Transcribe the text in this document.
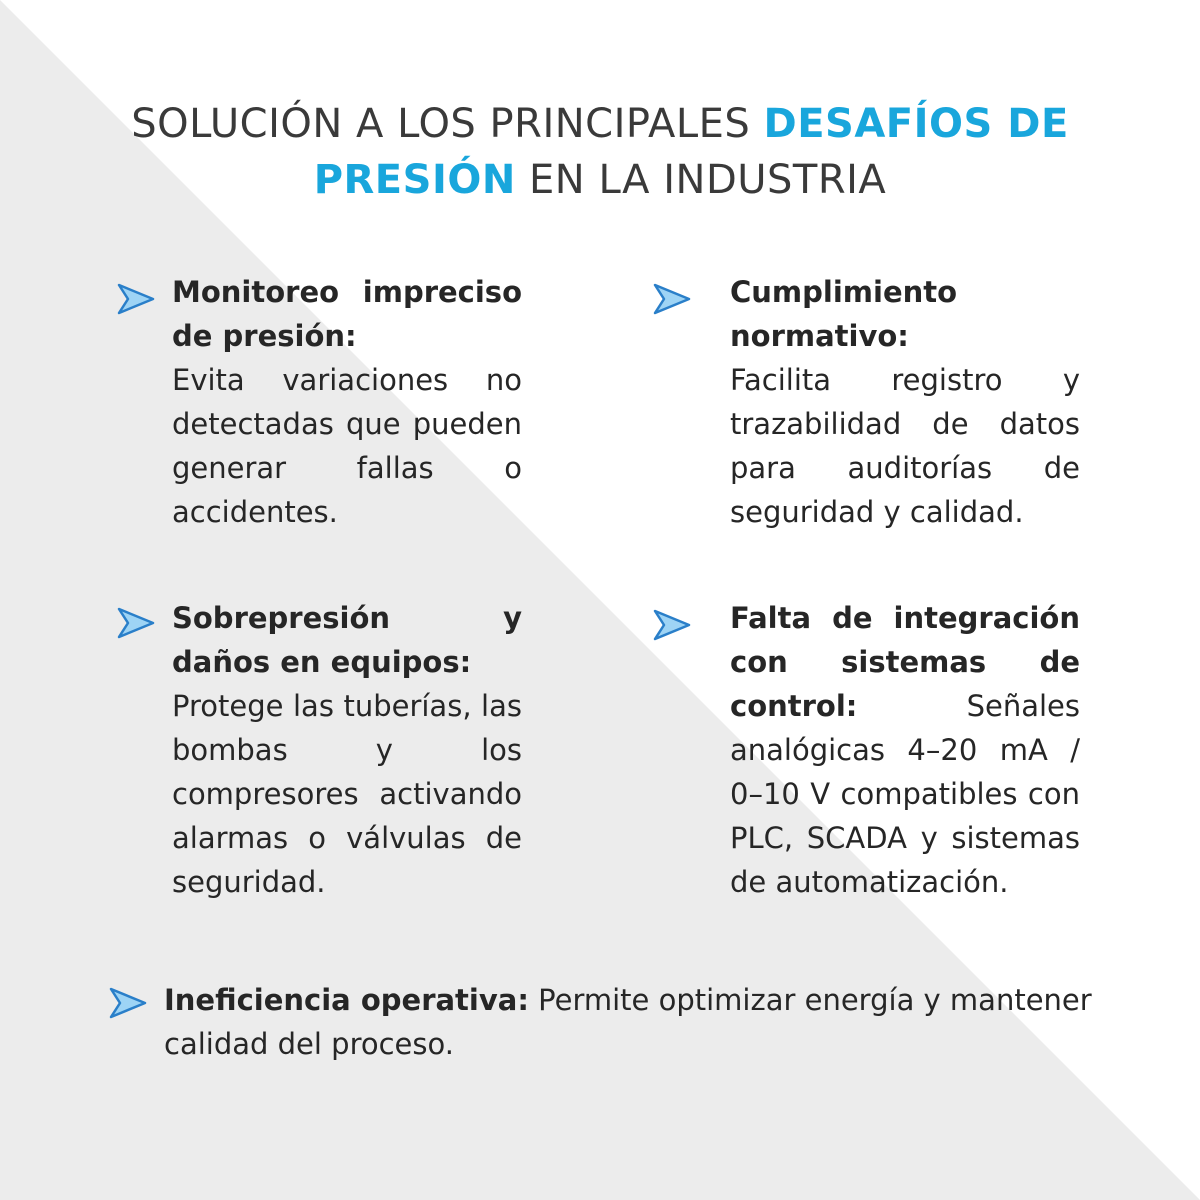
SOLUCIÓN A LOS PRINCIPALES DESAFÍOS DE PRESIÓN EN LA INDUSTRIA

Monitoreo impreciso de presión:
Evita variaciones no detectadas que pueden generar fallas o accidentes.

Cumplimiento normativo:
Facilita registro y trazabilidad de datos para auditorías de seguridad y calidad.

Sobrepresión y daños en equipos:
Protege las tuberías, las bombas y los compresores activando alarmas o válvulas de seguridad.

Falta de integración con sistemas de control:	Señales analógicas 4–20 mA / 0–10 V compatibles con PLC, SCADA y sistemas de automatización.

Ineficiencia operativa: Permite optimizar energía y mantener calidad del proceso.
